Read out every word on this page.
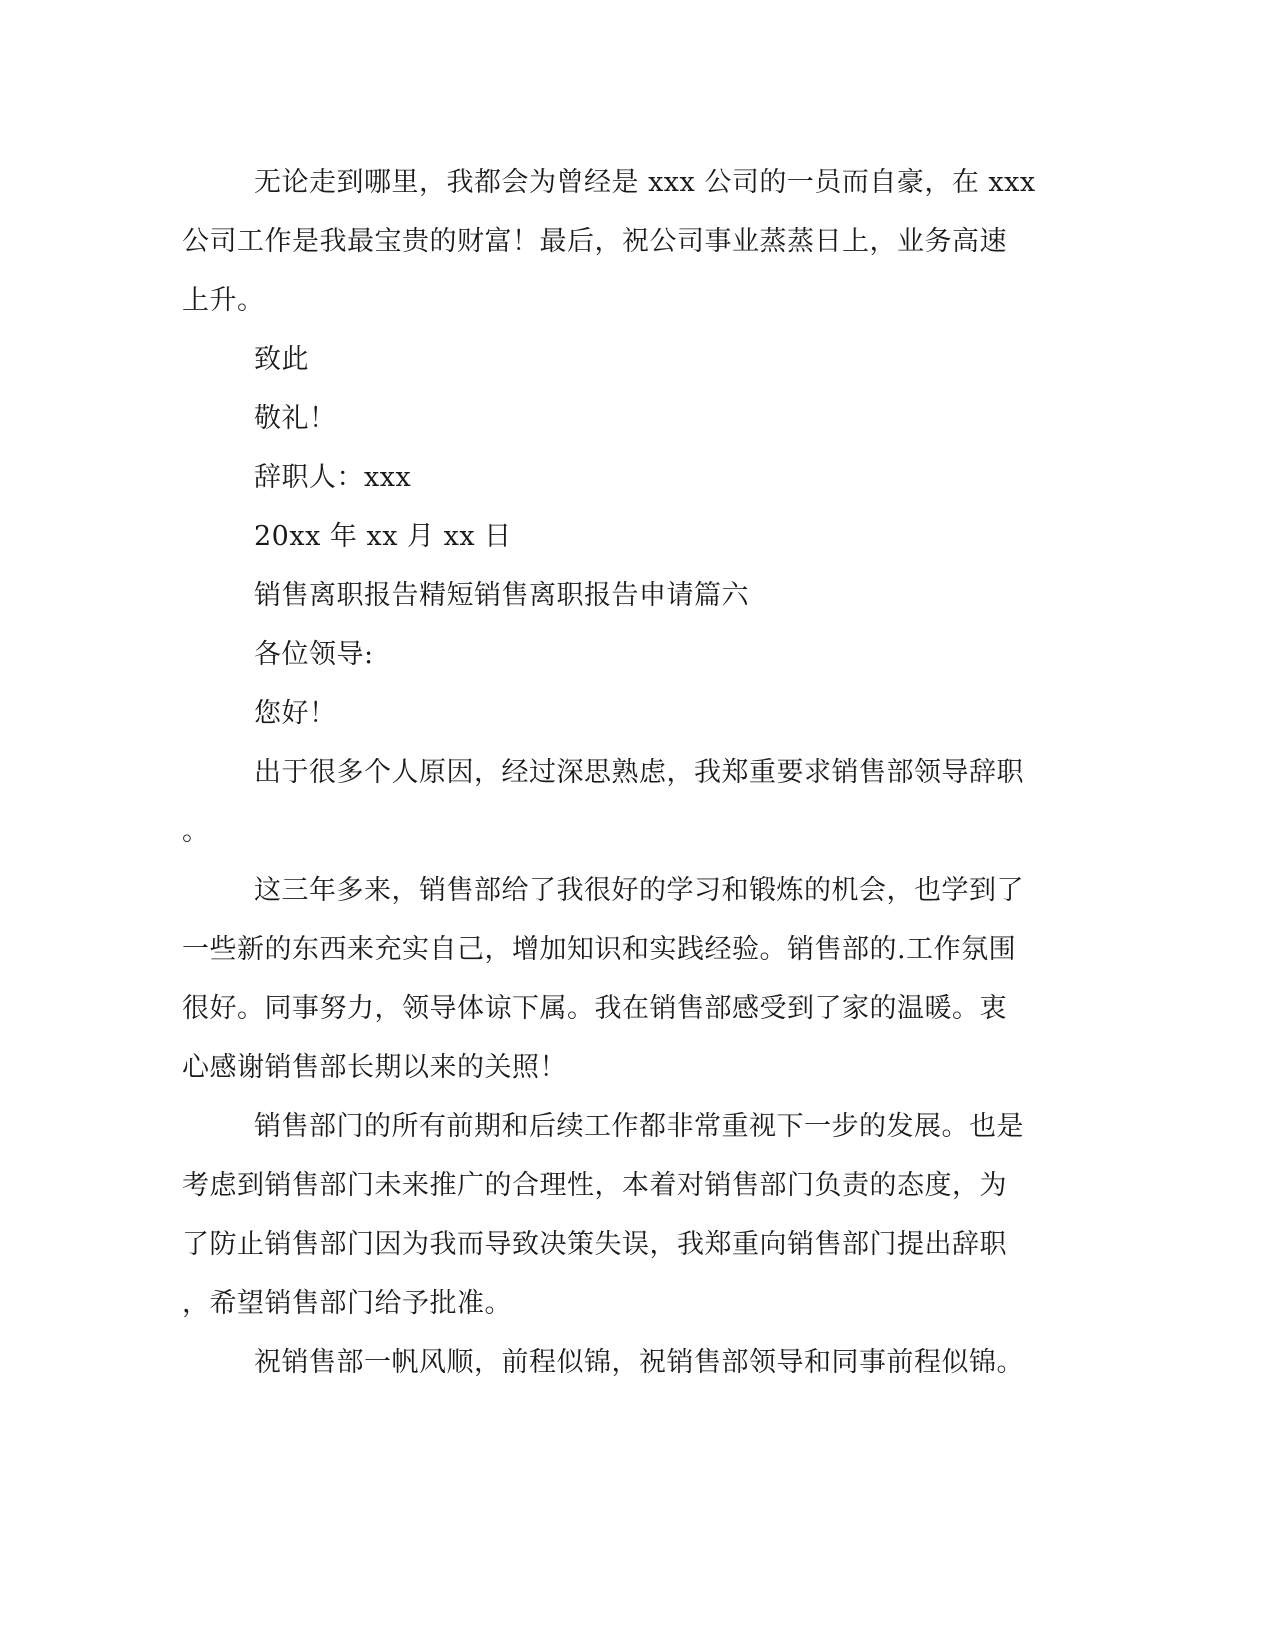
无论走到哪里，我都会为曾经是 xxx 公司的一员而自豪，在 xxx
公司工作是我最宝贵的财富！最后，祝公司事业蒸蒸日上，业务高速
上升。
致此
敬礼！
辞职人：xxx
20xx 年 xx 月 xx 日
销售离职报告精短销售离职报告申请篇六
各位领导:
您好！
出于很多个人原因，经过深思熟虑，我郑重要求销售部领导辞职
。
这三年多来，销售部给了我很好的学习和锻炼的机会，也学到了
一些新的东西来充实自己，增加知识和实践经验。销售部的.工作氛围
很好。同事努力，领导体谅下属。我在销售部感受到了家的温暖。衷
心感谢销售部长期以来的关照！
销售部门的所有前期和后续工作都非常重视下一步的发展。也是
考虑到销售部门未来推广的合理性，本着对销售部门负责的态度，为
了防止销售部门因为我而导致决策失误，我郑重向销售部门提出辞职
，希望销售部门给予批准。
祝销售部一帆风顺，前程似锦，祝销售部领导和同事前程似锦。
